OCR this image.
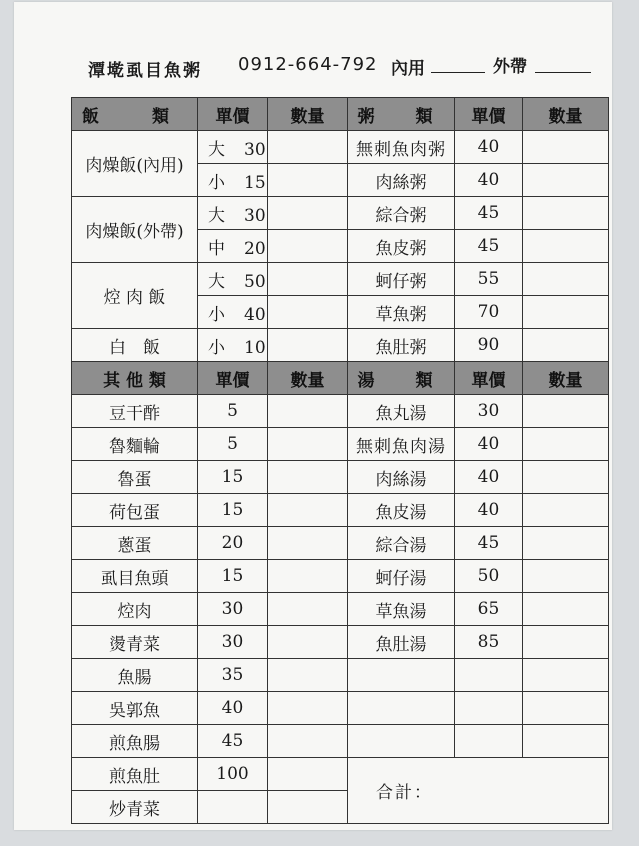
潭墘虱目魚粥 0912-664-792 內用	外帶
飯　類	單價	數量	粥　類	單價	數量
肉燥飯(內用)	大 30		無刺魚肉粥	40	
	小 15		肉絲粥	40	
肉燥飯(外帶)	大 30		綜合粥	45	
	中 20		魚皮粥	45	
焢 肉 飯	大 50		蚵仔粥	55	
	小 40		草魚粥	70	
白　飯	小 10		魚肚粥	90	
其 他 類	單價	數量	湯　類	單價	數量
豆干酢	5		魚丸湯	30	
魯麵輪	5		無刺魚肉湯	40	
魯蛋	15		肉絲湯	40	
荷包蛋	15		魚皮湯	40	
蔥蛋	20		綜合湯	45	
虱目魚頭	15		蚵仔湯	50	
焢肉	30		草魚湯	65	
燙青菜	30		魚肚湯	85	
魚腸	35				
吳郭魚	40				
煎魚腸	45				
煎魚肚	100		合計：		
炒青菜					
